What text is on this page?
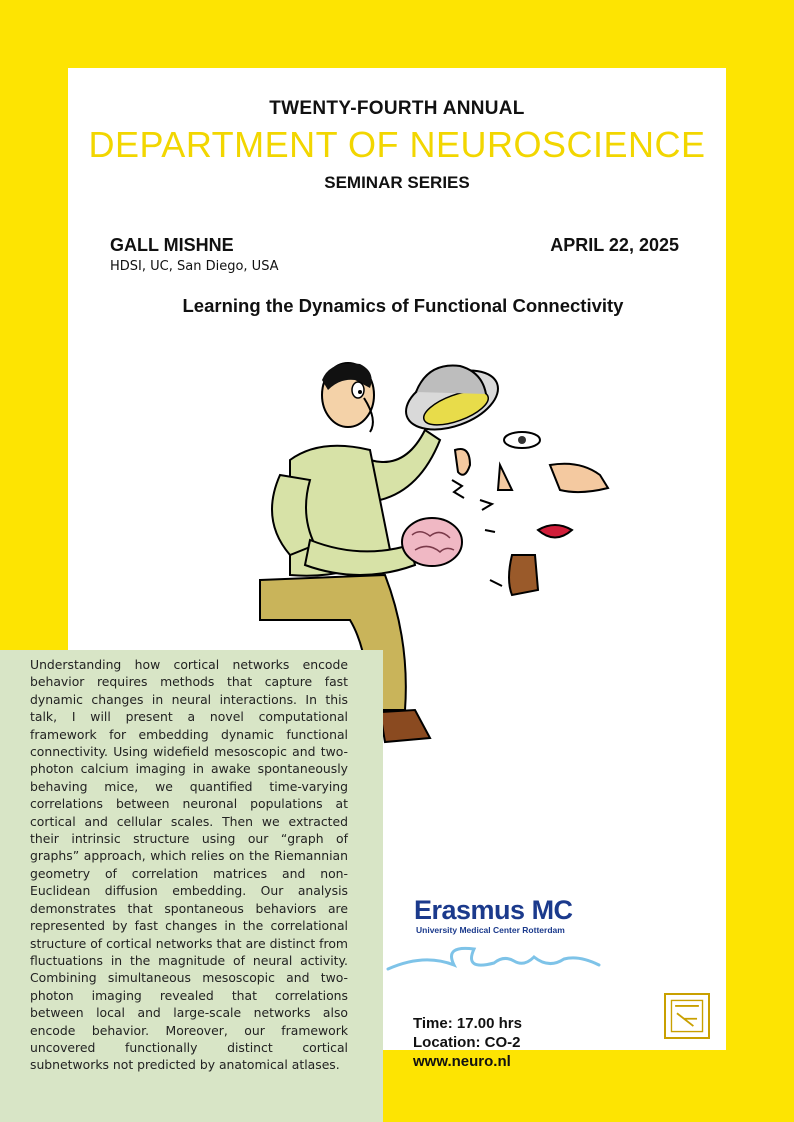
TWENTY-FOURTH ANNUAL
DEPARTMENT OF NEUROSCIENCE
SEMINAR SERIES
GALL MISHNE
HDSI, UC, San Diego, USA
APRIL 22, 2025
Learning the Dynamics of Functional Connectivity
Understanding how cortical networks encode behavior requires methods that capture fast dynamic changes in neural interactions. In this talk, I will present a novel computational framework for embedding dynamic functional connectivity. Using widefield mesoscopic and two-photon calcium imaging in awake spontaneously behaving mice, we quantified time-varying correlations between neuronal populations at cortical and cellular scales. Then we extracted their intrinsic structure using our “graph of graphs” approach, which relies on the Riemannian geometry of correlation matrices and non-Euclidean diffusion embedding. Our analysis demonstrates that spontaneous behaviors are represented by fast changes in the correlational structure of cortical networks that are distinct from fluctuations in the magnitude of neural activity. Combining simultaneous mesoscopic and two-photon imaging revealed that correlations between local and large-scale networks also encode behavior. Moreover, our framework uncovered functionally distinct cortical subnetworks not predicted by anatomical atlases.
Erasmus MC
University Medical Center Rotterdam
Time: 17.00 hrs
Location: CO-2
www.neuro.nl
